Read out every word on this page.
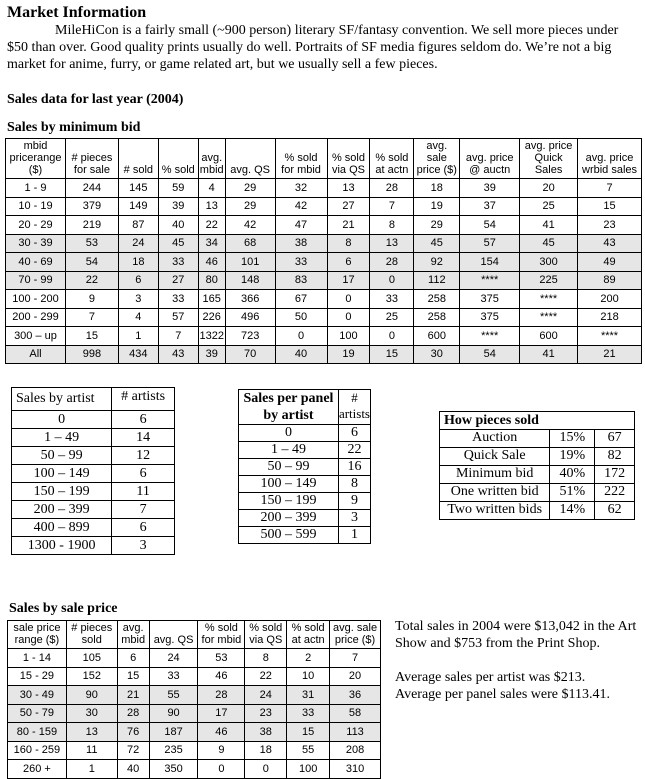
Market Information

MileHiCon is a fairly small (~900 person) literary SF/fantasy convention. We sell more pieces under $50 than over. Good quality prints usually do well. Portraits of SF media figures seldom do. We’re not a big market for anime, furry, or game related art, but we usually sell a few pieces.

Sales data for last year (2004)
Sales by minimum bid
mbid pricerange ($)	# pieces for sale	# sold	% sold	avg. mbid	avg. QS	% sold for mbid	% sold via QS	% sold at actn	avg. sale price ($)	avg. price @ auctn	avg. price Quick Sales	avg. price wrbid sales
1 - 9	244	145	59	4	29	32	13	28	18	39	20	7
10 - 19	379	149	39	13	29	42	27	7	19	37	25	15
20 - 29	219	87	40	22	42	47	21	8	29	54	41	23
30 - 39	53	24	45	34	68	38	8	13	45	57	45	43
40 - 69	54	18	33	46	101	33	6	28	92	154	300	49
70 - 99	22	6	27	80	148	83	17	0	112	****	225	89
100 - 200	9	3	33	165	366	67	0	33	258	375	****	200
200 - 299	7	4	57	226	496	50	0	25	258	375	****	218
300 – up	15	1	7	1322	723	0	100	0	600	****	600	****
All	998	434	43	39	70	40	19	15	30	54	41	21
Sales by artist	# artists
0	6
1 – 49	14
50 – 99	12
100 – 149	6
150 – 199	11
200 – 399	7
400 – 899	6
1300 - 1900	3
Sales per panel by artist	#
artists
0	6
1 – 49	22
50 – 99	16
100 – 149	8
150 – 199	9
200 – 399	3
500 – 599	1
How pieces sold		
Auction	15%	67
Quick Sale	19%	82
Minimum bid	40%	172
One written bid	51%	222
Two written bids	14%	62
Sales by sale price
sale price range ($)	# pieces sold	avg. mbid	avg. QS	% sold for mbid	% sold via QS	% sold at actn	avg. sale price ($)
1 - 14	105	6	24	53	8	2	7
15 - 29	152	15	33	46	22	10	20
30 - 49	90	21	55	28	24	31	36
50 - 79	30	28	90	17	23	33	58
80 - 159	13	76	187	46	38	15	113
160 - 259	11	72	235	9	18	55	208
260 +	1	40	350	0	0	100	310

Total sales in 2004 were $13,042 in the Art Show and $753 from the Print Shop.

Average sales per artist was $213.

Average per panel sales were $113.41.
